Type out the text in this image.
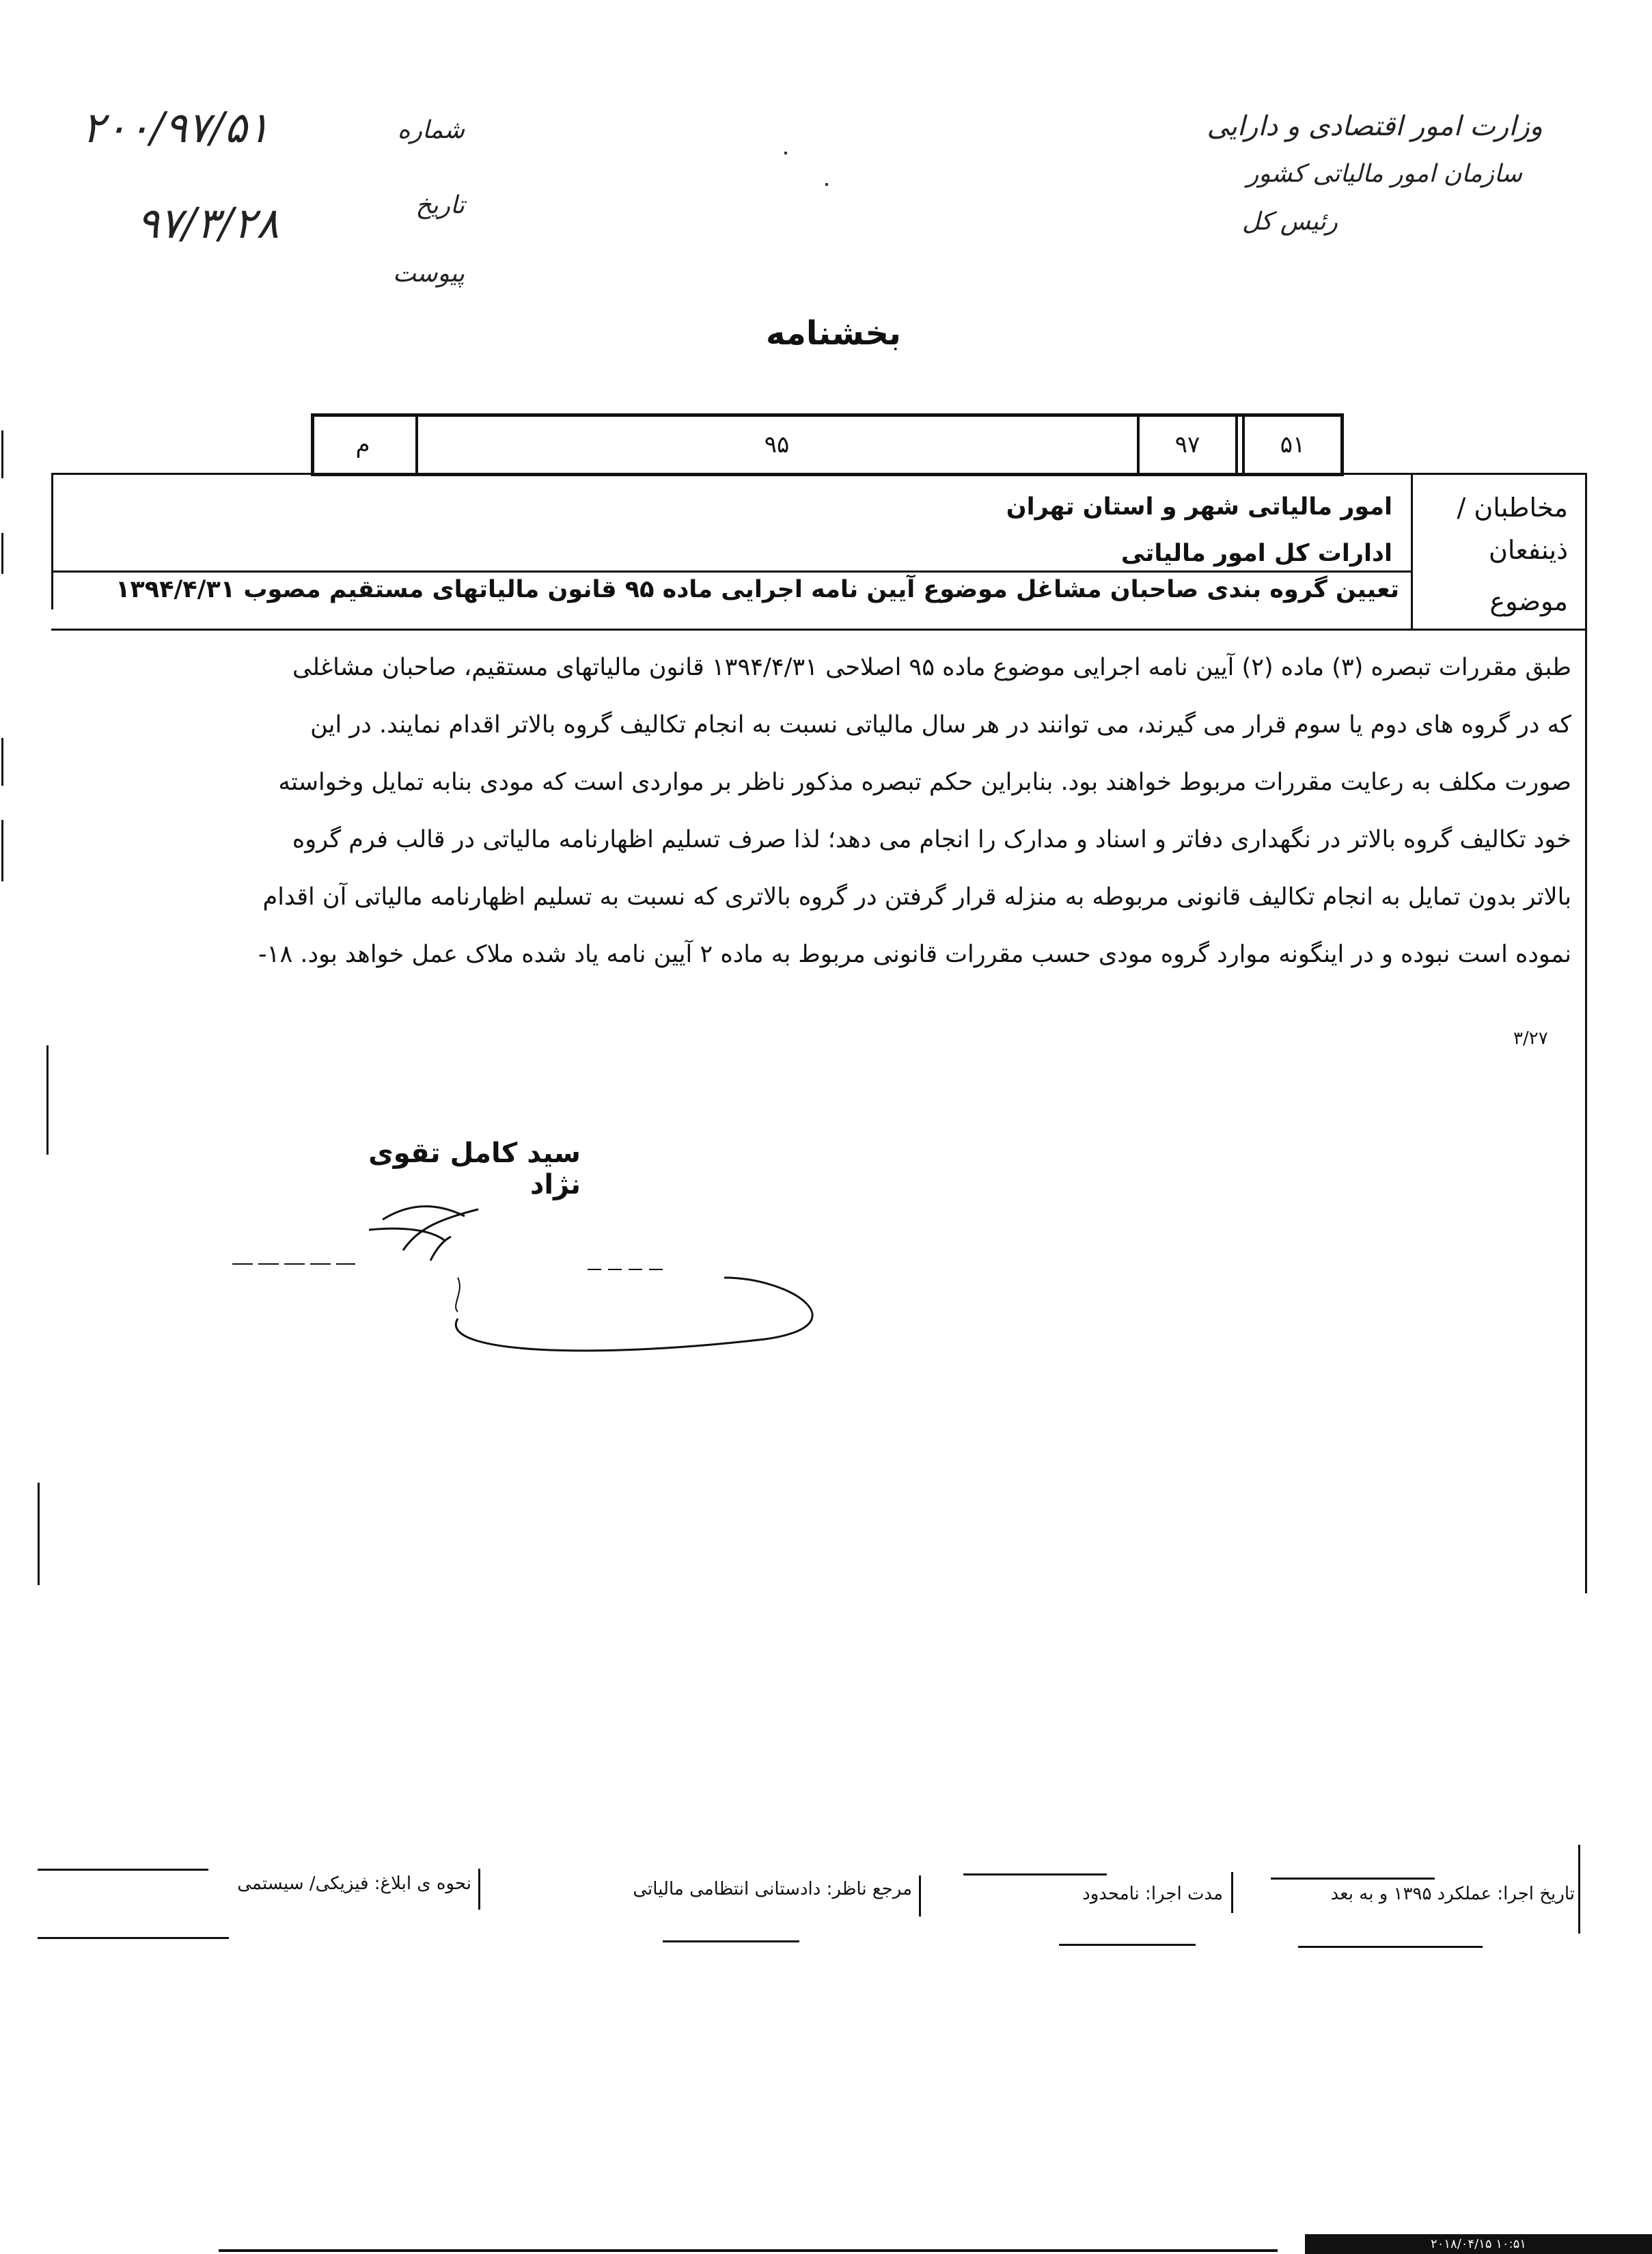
وزارت امور اقتصادی و دارایی
سازمان امور مالیاتی کشور
رئیس کل
شماره
۲۰۰/۹۷/۵۱
تاریخ
۹۷/۳/۲۸
پیوست
بخشنامه
۵۱
۹۷
۹۵
م
مخاطبان / ذینفعان
موضوع
امور مالیاتی شهر و استان تهران
ادارات کل امور مالیاتی
تعیین گروه بندی صاحبان مشاغل موضوع آیین نامه اجرایی ماده ۹۵ قانون مالیاتهای مستقیم مصوب ۱۳۹۴/۴/۳۱
طبق مقررات تبصره (۳) ماده (۲) آیین نامه اجرایی موضوع ماده ۹۵ اصلاحی ۱۳۹۴/۴/۳۱ قانون مالیاتهای مستقیم، صاحبان مشاغلی
که در گروه های دوم یا سوم قرار می گیرند، می توانند در هر سال مالیاتی نسبت به انجام تکالیف گروه بالاتر اقدام نمایند. در این
صورت مکلف به رعایت مقررات مربوط خواهند بود. بنابراین حکم تبصره مذکور ناظر بر مواردی است که مودی بنابه تمایل وخواسته
خود تکالیف گروه بالاتر در نگهداری دفاتر و اسناد و مدارک را انجام می دهد؛ لذا صرف تسلیم اظهارنامه مالیاتی در قالب فرم گروه
بالاتر بدون تمایل به انجام تکالیف قانونی مربوطه به منزله قرار گرفتن در گروه بالاتری که نسبت به تسلیم اظهارنامه مالیاتی آن اقدام
نموده است نبوده و در اینگونه موارد گروه مودی حسب مقررات قانونی مربوط به ماده ۲ آیین نامه یاد شده ملاک عمل خواهد بود. ۱۸-
۳/۲۷
سید کامل تقوی نژاد
تاریخ اجرا: عملکرد ۱۳۹۵ و به بعد
مدت اجرا: نامحدود
مرجع ناظر: دادستانی انتظامی مالیاتی
نحوه ی ابلاغ: فیزیکی/ سیستمی
۲۰۱۸/۰۴/۱۵ ۱۰:۵۱
